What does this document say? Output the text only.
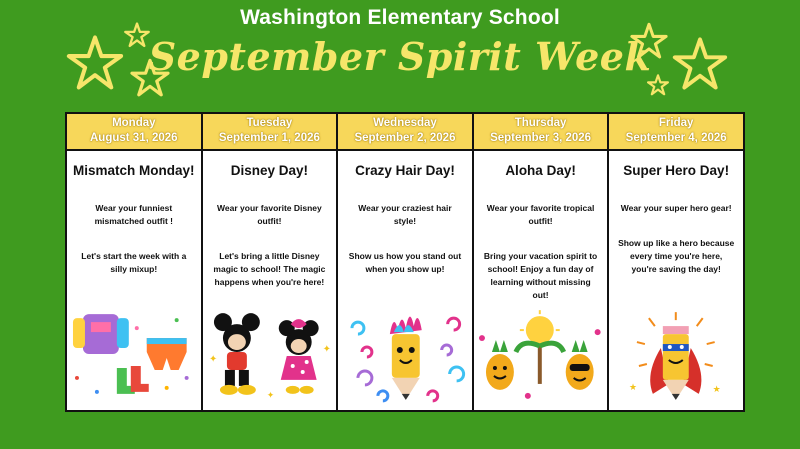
Washington Elementary School
September Spirit Week
Monday
August 31, 2026
Mismatch Monday!
Wear your funniest mismatched outfit !
Let's start the week with a silly mixup!
Tuesday
September 1, 2026
Disney Day!
Wear your favorite Disney outfit!
Let's bring a little Disney magic to school! The magic happens when you're here!
✦
✦
✦
Wednesday
September 2, 2026
Crazy Hair Day!
Wear your craziest hair style!
Show us how you stand out when you show up!
Thursday
September 3, 2026
Aloha Day!
Wear your favorite tropical outfit!
Bring your vacation spirit to school! Enjoy a fun day of learning without missing out!
Friday
September 4, 2026
Super Hero Day!
Wear your super hero gear!
Show up like a hero because every time you're here, you're saving the day!
★	★
